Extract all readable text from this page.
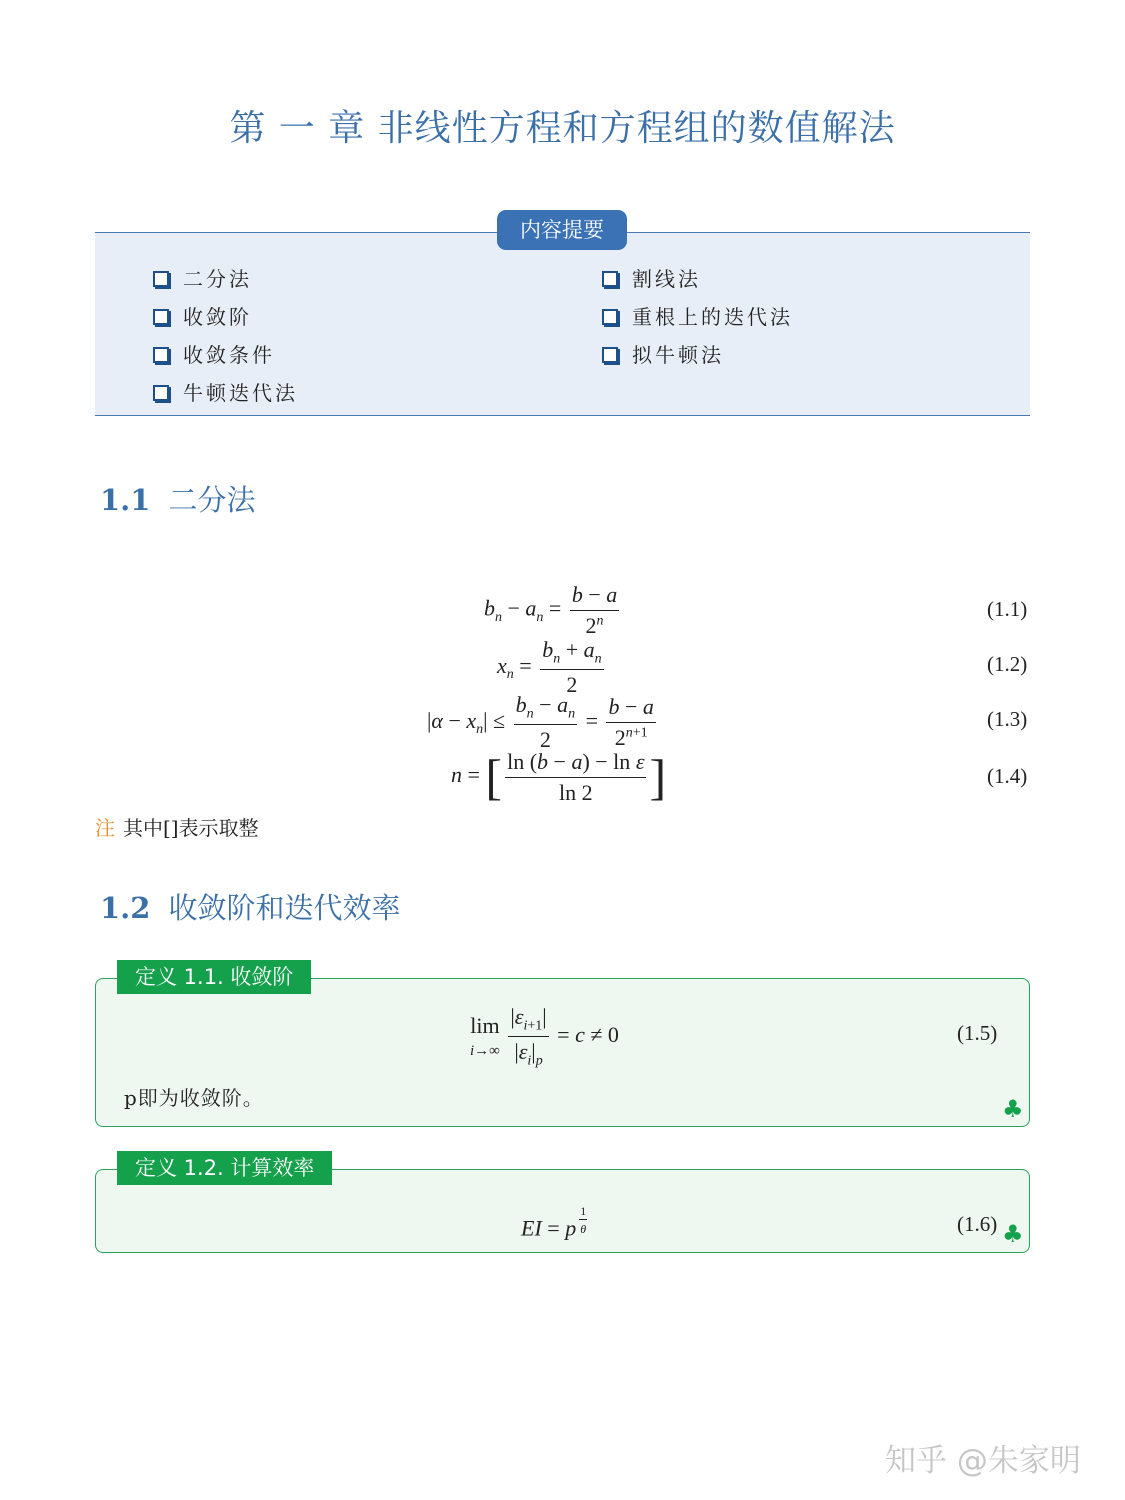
第 一 章 非线性方程和方程组的数值解法
内容提要
二分法
收敛阶
收敛条件
牛顿迭代法
割线法
重根上的迭代法
拟牛顿法
1.1 二分法
$b_n - a_n = \frac{b - a}{2^n}$	(1.1)
$x_n = \frac{b_n + a_n}{2}$	(1.2)
$|\alpha - x_n| \le \frac{b_n - a_n}{2} = \frac{b - a}{2^{n+1}}$	(1.3)
n = [ $\frac{\text{ln (b − a) − ln ε}}{\ln 2}$ ]	(1.4)
注 其中[]表示取整
1.2 收敛阶和迭代效率
定义 1.1. 收敛阶
lim
$i\to\infty \frac{|\varepsilon_{i+1}|}{|\varepsilon_i|_p} = c \ne 0$	(1.5)
p即为收敛阶。	♣
定义 1.2. 计算效率
EI = p $^{\frac{1}{\theta}}$	(1.6) ♣
知乎 @朱家明
